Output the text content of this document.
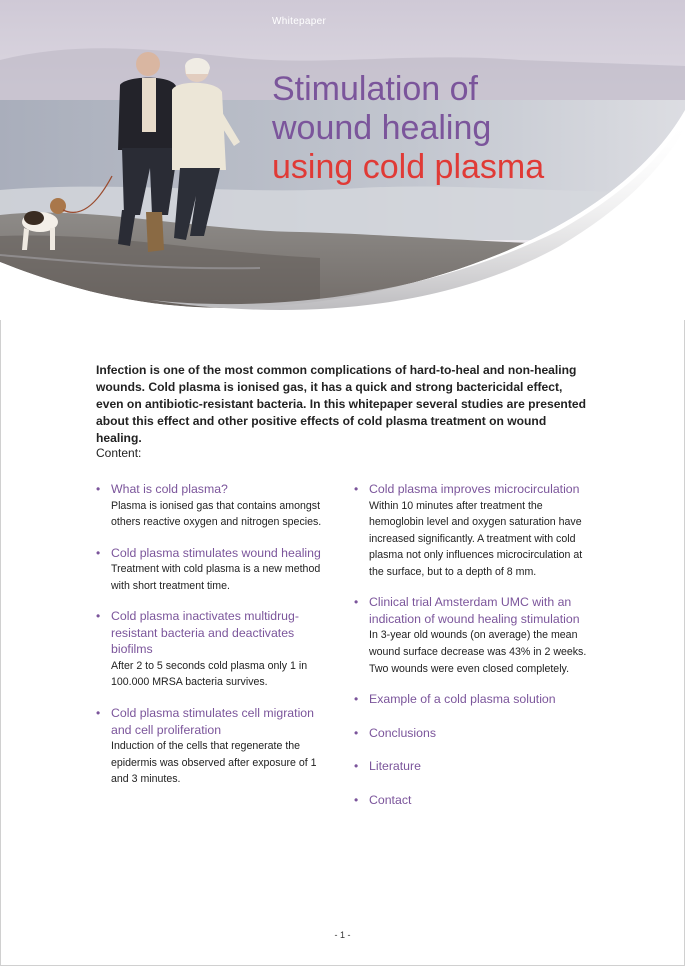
Whitepaper
Stimulation of
wound healing
using cold plasma

Infection is one of the most common complications of hard-to-heal and non-healing wounds. Cold plasma is ionised gas, it has a quick and strong bactericidal effect, even on antibiotic-resistant bacteria. In this whitepaper several studies are presented about this effect and other positive effects of cold plasma treatment on wound healing.

Content:

• What is cold plasma?
Plasma is ionised gas that contains amongst others reactive oxygen and nitrogen species.
• Cold plasma stimulates wound healing
Treatment with cold plasma is a new method with short treatment time.
• Cold plasma inactivates multidrug-resistant bacteria and deactivates biofilms
After 2 to 5 seconds cold plasma only 1 in 100.000 MRSA bacteria survives.
• Cold plasma stimulates cell migration and cell proliferation
Induction of the cells that regenerate the epidermis was observed after exposure of 1 and 3 minutes.
• Cold plasma improves microcirculation
Within 10 minutes after treatment the hemoglobin level and oxygen saturation have increased significantly. A treatment with cold plasma not only influences microcirculation at the surface, but to a depth of 8 mm.
• Clinical trial Amsterdam UMC with an indication of wound healing stimulation
In 3-year old wounds (on average) the mean wound surface decrease was 43% in 2 weeks. Two wounds were even closed completely.
• Example of a cold plasma solution
• Conclusions
• Literature
• Contact
- 1 -
